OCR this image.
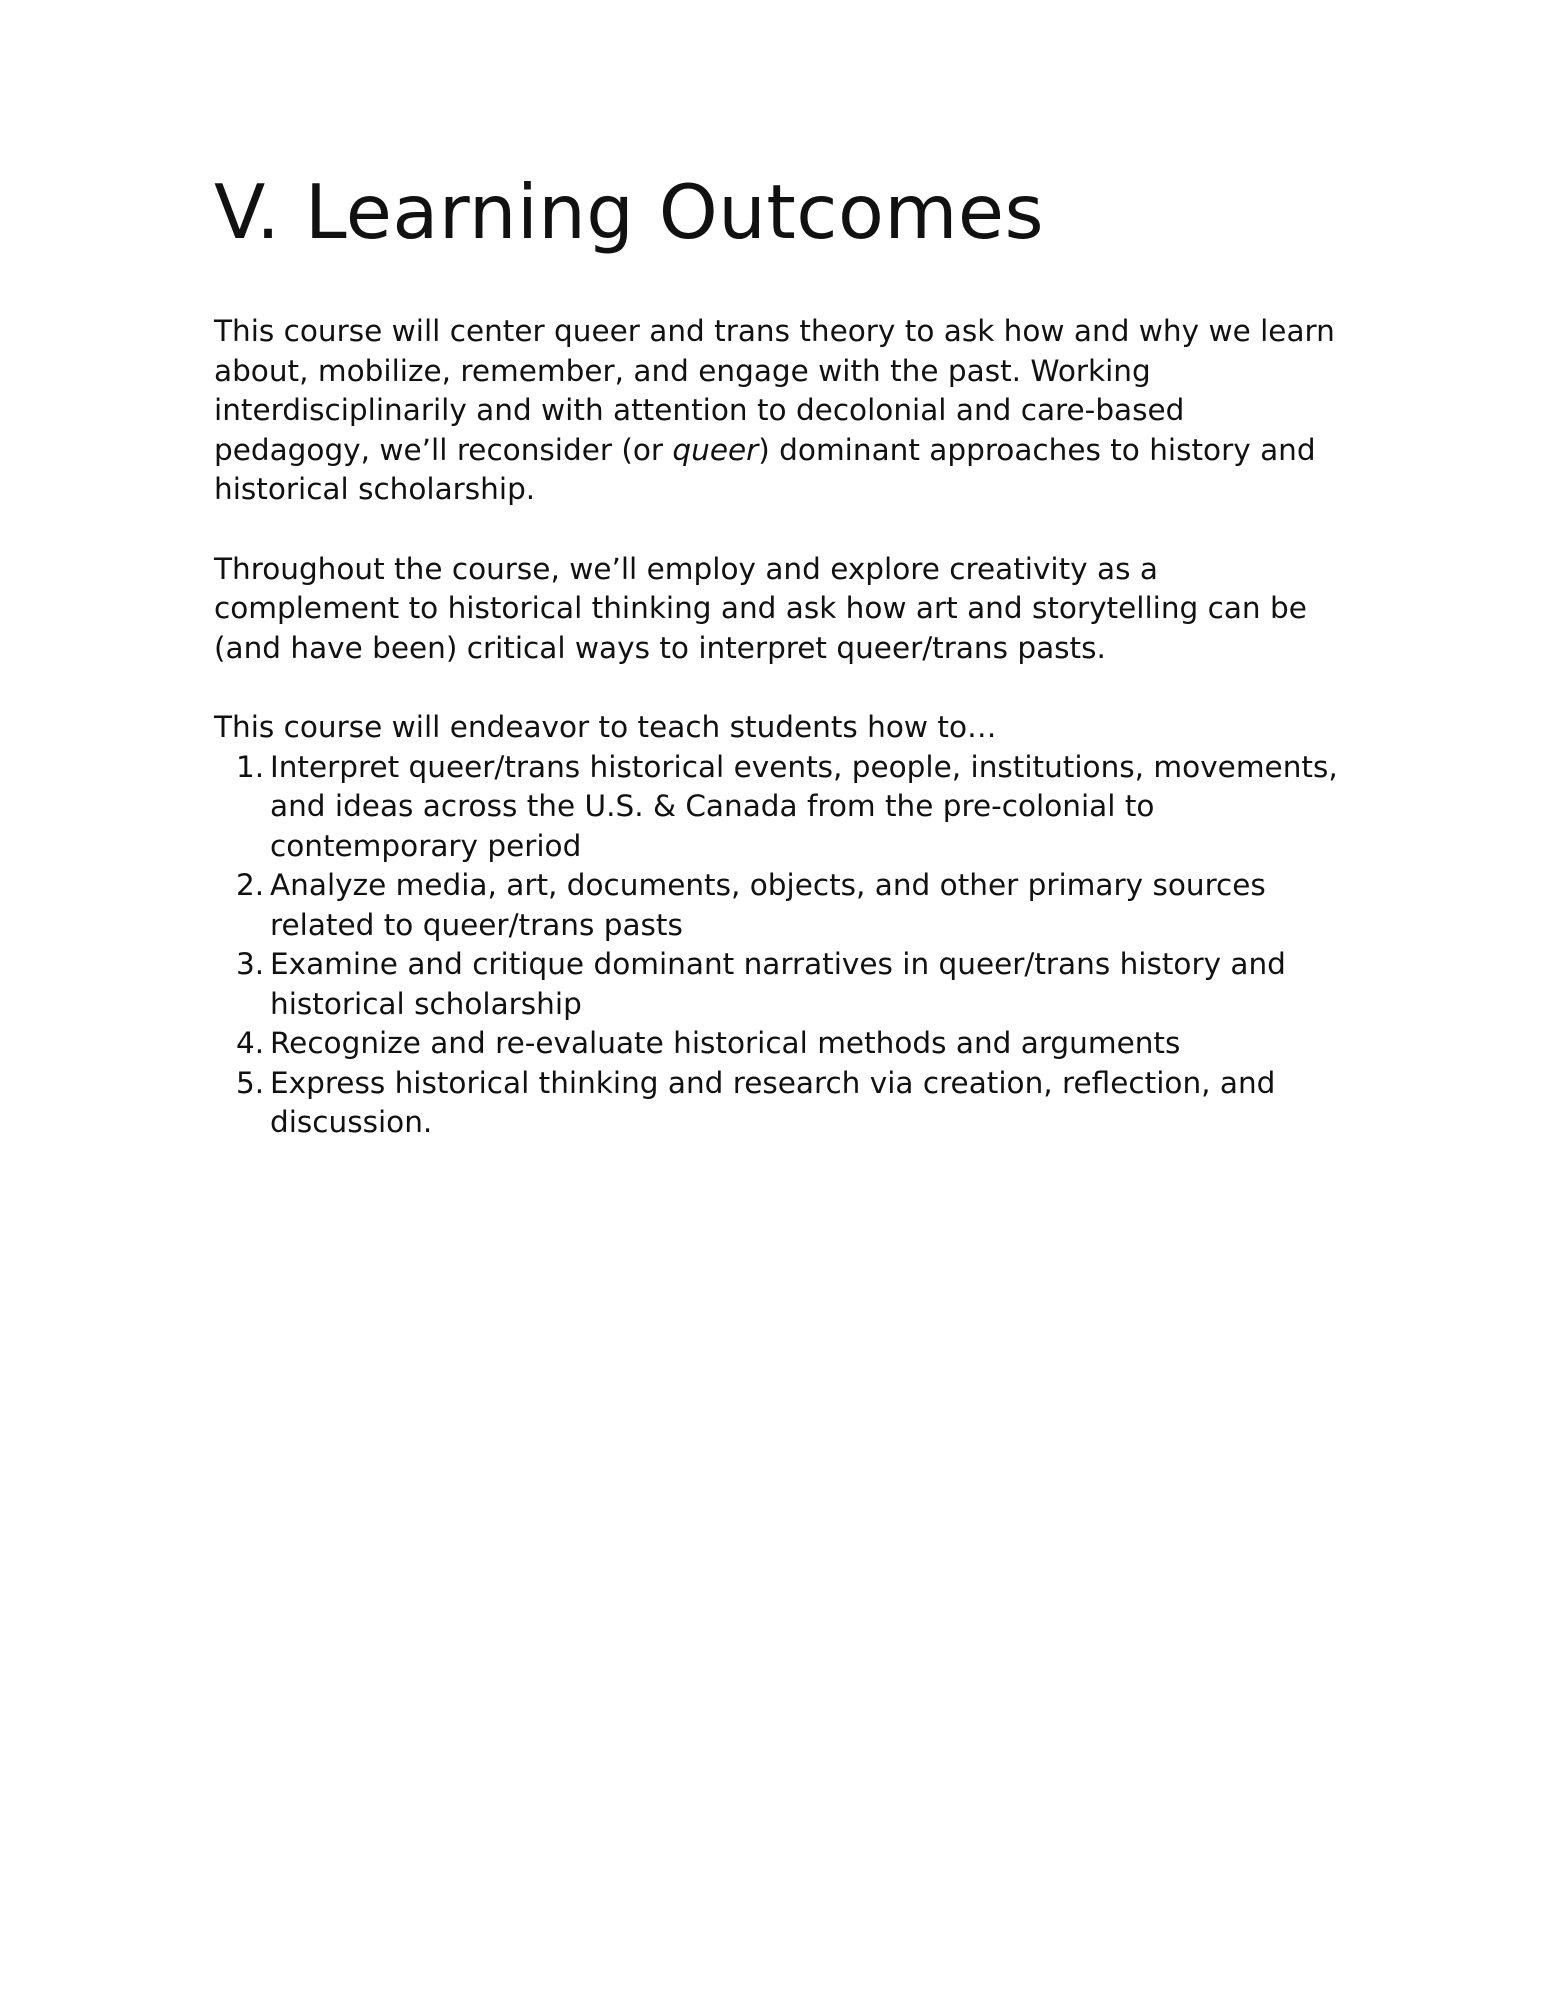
V. Learning Outcomes

This course will center queer and trans theory to ask how and why we learn about, mobilize, remember, and engage with the past. Working interdisciplinarily and with attention to decolonial and care-based pedagogy, we’ll reconsider (or queer) dominant approaches to history and historical scholarship.

Throughout the course, we’ll employ and explore creativity as a complement to historical thinking and ask how art and storytelling can be (and have been) critical ways to interpret queer/trans pasts.

This course will endeavor to teach students how to…

1. Interpret queer/trans historical events, people, institutions, movements, and ideas across the U.S. & Canada from the pre-colonial to contemporary period
2. Analyze media, art, documents, objects, and other primary sources related to queer/trans pasts
3. Examine and critique dominant narratives in queer/trans history and historical scholarship
4. Recognize and re-evaluate historical methods and arguments
5. Express historical thinking and research via creation, reflection, and discussion.
